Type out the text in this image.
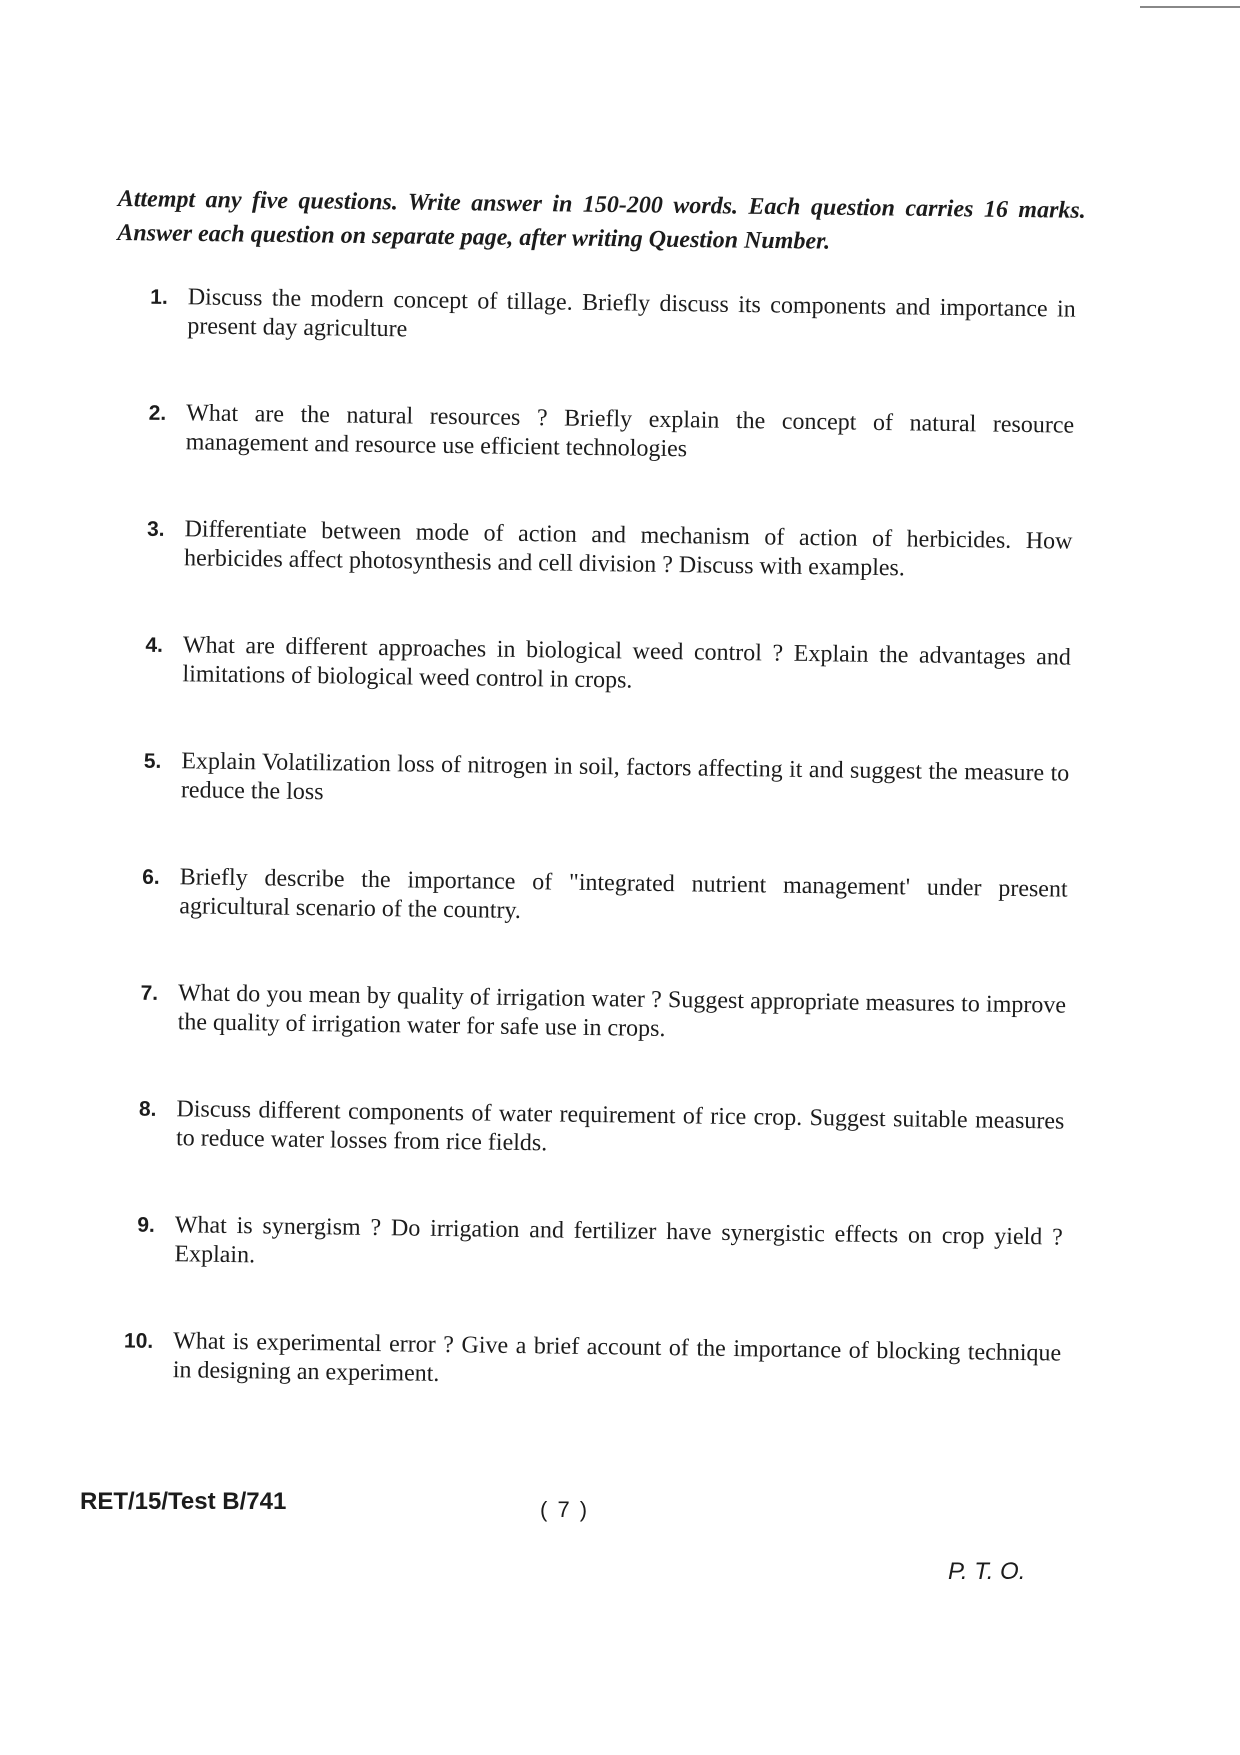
Attempt any five questions. Write answer in 150-200 words. Each question carries 16 marks. Answer each question on separate page, after writing Question Number.
1. Discuss the modern concept of tillage. Briefly discuss its components and importance in present day agriculture
2. What are the natural resources ? Briefly explain the concept of natural resource management and resource use efficient technologies
3. Differentiate between mode of action and mechanism of action of herbicides. How herbicides affect photosynthesis and cell division ? Discuss with examples.
4. What are different approaches in biological weed control ? Explain the advantages and limitations of biological weed control in crops.
5. Explain Volatilization loss of nitrogen in soil, factors affecting it and suggest the measure to reduce the loss
6. Briefly describe the importance of "integrated nutrient management' under present agricultural scenario of the country.
7. What do you mean by quality of irrigation water ? Suggest appropriate measures to improve the quality of irrigation water for safe use in crops.
8. Discuss different components of water requirement of rice crop. Suggest suitable measures to reduce water losses from rice fields.
9. What is synergism ? Do irrigation and fertilizer have synergistic effects on crop yield ? Explain.
10. What is experimental error ? Give a brief account of the importance of blocking technique in designing an experiment.
RET/15/Test B/741	( 7 )
P. T. O.
